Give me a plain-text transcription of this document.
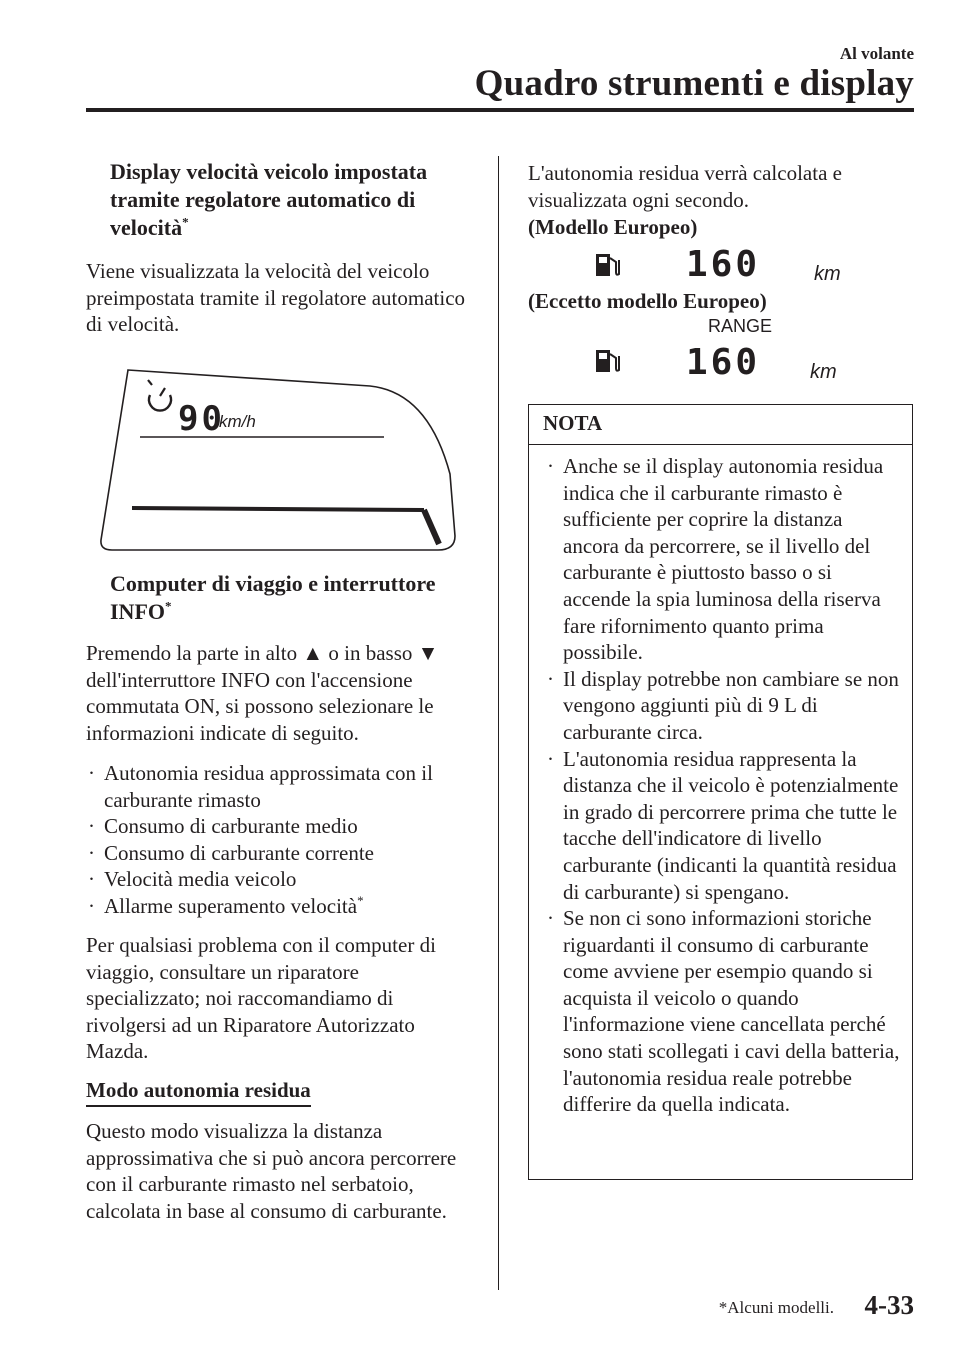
Al volante
Quadro strumenti e display
Display velocità veicolo impostata tramite regolatore automatico di velocità*

Viene visualizzata la velocità del veicolo preimpostata tramite il regolatore automatico di velocità.

90
km/h
Computer di viaggio e interruttore INFO*

Premendo la parte in alto ▲ o in basso ▼ dell'interruttore INFO con l'accensione commutata ON, si possono selezionare le informazioni indicate di seguito.

· Autonomia residua approssimata con il carburante rimasto
· Consumo di carburante medio
· Consumo di carburante corrente
· Velocità media veicolo
· Allarme superamento velocità*

Per qualsiasi problema con il computer di viaggio, consultare un riparatore specializzato; noi raccomandiamo di rivolgersi ad un Riparatore Autorizzato Mazda.

Modo autonomia residua

Questo modo visualizza la distanza approssimativa che si può ancora percorrere con il carburante rimasto nel serbatoio, calcolata in base al consumo di carburante.

L'autonomia residua verrà calcolata e visualizzata ogni secondo.

(Modello Europeo)
160	km
(Eccetto modello Europeo)
RANGE
160 km
NOTA
· Anche se il display autonomia residua indica che il carburante rimasto è sufficiente per coprire la distanza ancora da percorrere, se il livello del carburante è piuttosto basso o si accende la spia luminosa della riserva fare rifornimento quanto prima possibile.
· Il display potrebbe non cambiare se non vengono aggiunti più di 9 L di carburante circa.
· L'autonomia residua rappresenta la distanza che il veicolo è potenzialmente in grado di percorrere prima che tutte le tacche dell'indicatore di livello carburante (indicanti la quantità residua di carburante) si spengano.
· Se non ci sono informazioni storiche riguardanti il consumo di carburante come avviene per esempio quando si acquista il veicolo o quando l'informazione viene cancellata perché sono stati scollegati i cavi della batteria, l'autonomia residua reale potrebbe differire da quella indicata.
*Alcuni modelli. 4-33
